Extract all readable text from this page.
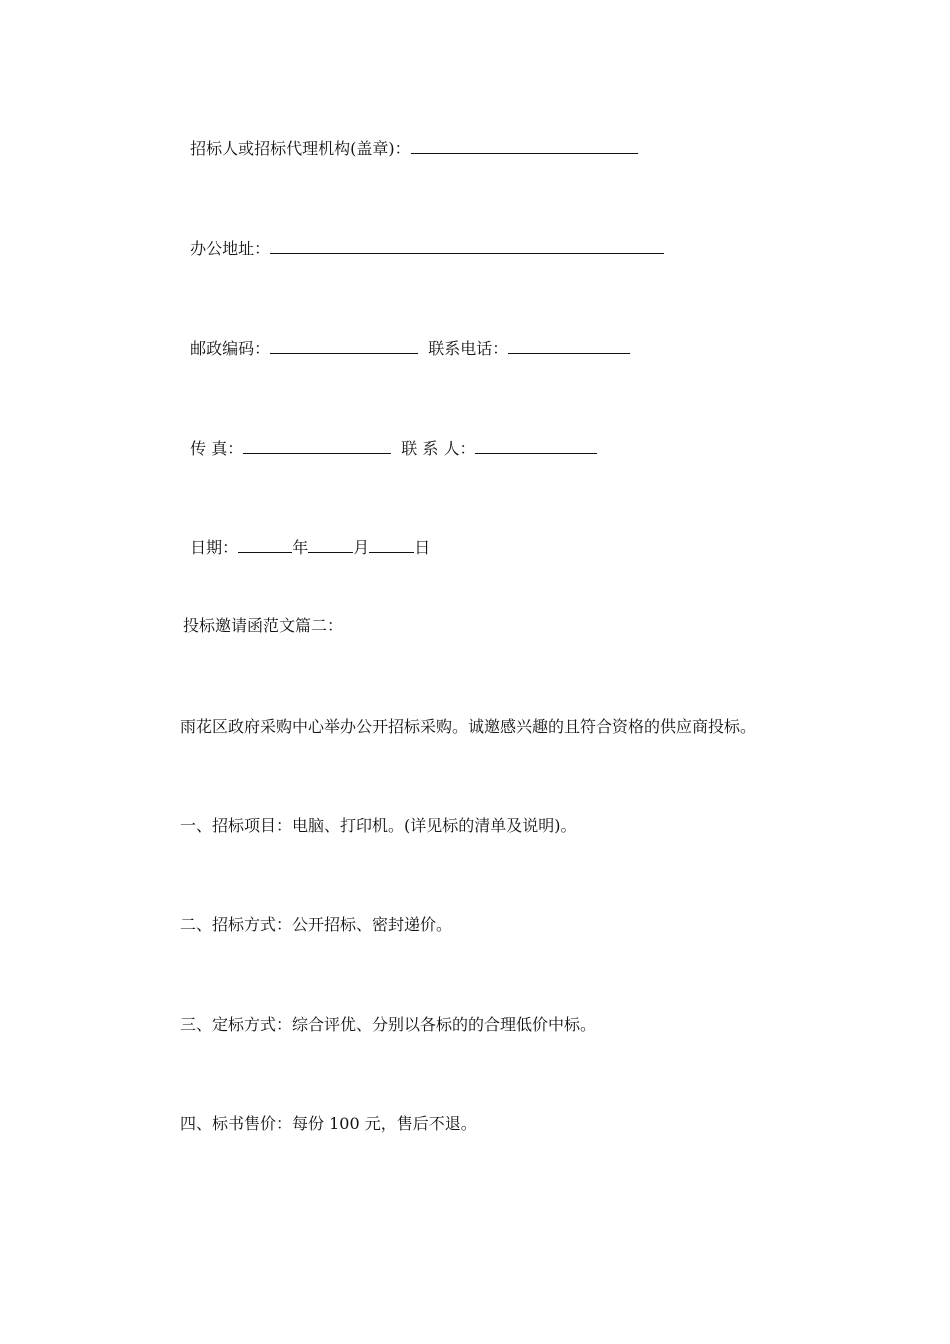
招标人或招标代理机构(盖章)：

办公地址：

邮政编码：	联系电话：

传 真：	联 系 人：

日期：	年	月	日

投标邀请函范文篇二：
雨花区政府采购中心举办公开招标采购。诚邀感兴趣的且符合资格的供应商投标。
一、招标项目：电脑、打印机。(详见标的清单及说明)。
二、招标方式：公开招标、密封递价。
三、定标方式：综合评优、分别以各标的的合理低价中标。
四、标书售价：每份 100 元，售后不退。
